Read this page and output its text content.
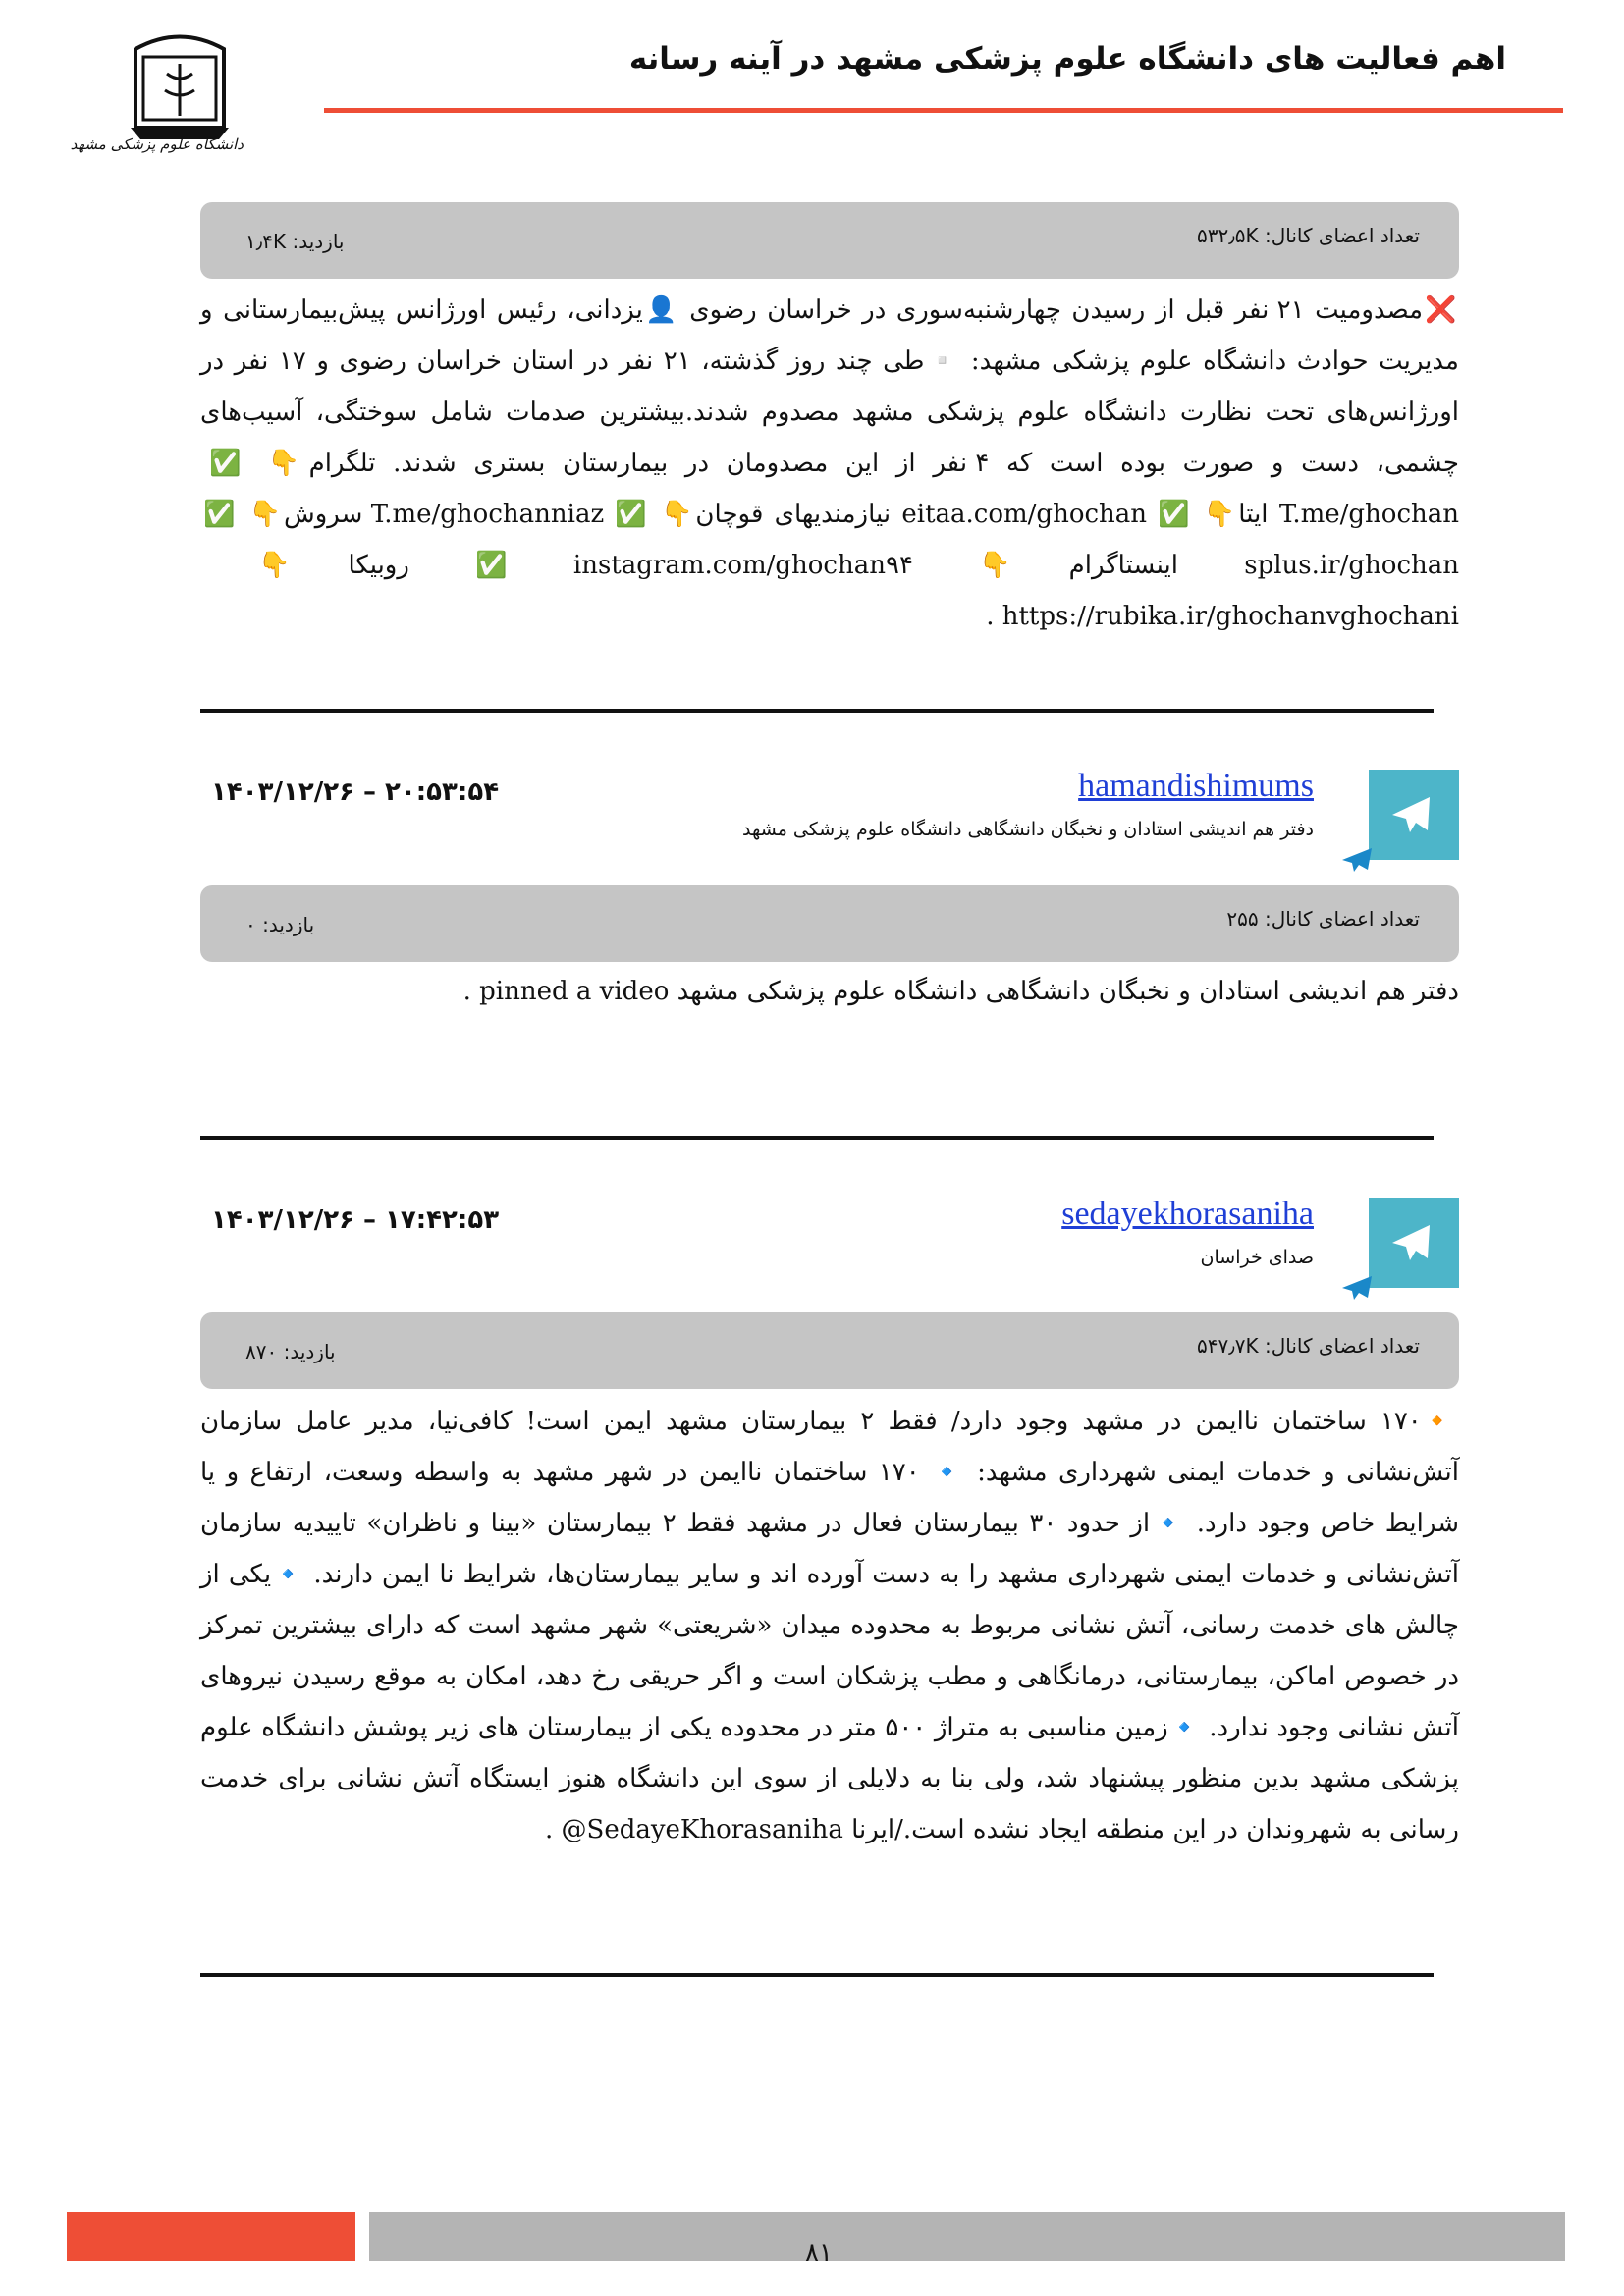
اهم فعالیت های دانشگاه علوم پزشکی مشهد در آینه رسانه
دانشگاه علوم پزشکی مشهد
تعداد اعضای کانال: ۵۳۲٫۵K
بازدید: ۱٫۴K
❌مصدومیت ۲۱ نفر قبل از رسیدن چهارشنبه‌سوری در خراسان رضوی 👤یزدانی، رئیس اورژانس پیش‌بیمارستانی و مدیریت حوادث دانشگاه علوم پزشکی مشهد: ▫️طی چند روز گذشته، ۲۱ نفر در استان خراسان رضوی و ۱۷ نفر در اورژانس‌های تحت نظارت دانشگاه علوم پزشکی مشهد مصدوم شدند.بیشترین صدمات شامل سوختگی، آسیب‌های چشمی، دست و صورت بوده است که ۴ نفر از این مصدومان در بیمارستان بستری شدند. تلگرام👇 ✅ T.me/ghochan ایتا👇 ✅ eitaa.com/ghochan نیازمندیهای قوچان👇 ✅ T.me/ghochanniaz سروش👇 ✅ splus.ir/ghochan اینستاگرام👇 instagram.com/ghochan۹۴ ✅ روبیکا👇 https://rubika.ir/ghochanvghochani .
hamandishimums
دفتر هم اندیشی استادان و نخبگان دانشگاهی دانشگاه علوم پزشکی مشهد
۱۴۰۳/۱۲/۲۶ – ۲۰:۵۳:۵۴
تعداد اعضای کانال: ۲۵۵
بازدید: ۰
دفتر هم اندیشی استادان و نخبگان دانشگاهی دانشگاه علوم پزشکی مشهد pinned a video .
sedayekhorasaniha
صدای خراسان
۱۴۰۳/۱۲/۲۶ – ۱۷:۴۲:۵۳
تعداد اعضای کانال: ۵۴۷٫۷K
بازدید: ۸۷۰
🔸۱۷۰ ساختمان ناایمن در مشهد وجود دارد/ فقط ۲ بیمارستان مشهد ایمن است! کافی‌نیا، مدیر عامل سازمان آتش‌نشانی و خدمات ایمنی شهرداری مشهد: 🔹 ۱۷۰ ساختمان ناایمن در شهر مشهد به واسطه وسعت، ارتفاع و یا شرایط خاص وجود دارد. 🔹از حدود ۳۰ بیمارستان فعال در مشهد فقط ۲ بیمارستان «بینا و ناظران» تاییدیه سازمان آتش‌نشانی و خدمات ایمنی شهرداری مشهد را به دست آورده اند و سایر بیمارستان‌ها، شرایط نا ایمن دارند. 🔹یکی از چالش های خدمت رسانی، آتش نشانی مربوط به محدوده میدان «شریعتی» شهر مشهد است که دارای بیشترین تمرکز در خصوص اماکن، بیمارستانی، درمانگاهی و مطب پزشکان است و اگر حریقی رخ دهد، امکان به موقع رسیدن نیروهای آتش نشانی وجود ندارد. 🔹زمین مناسبی به متراژ ۵۰۰ متر در محدوده یکی از بیمارستان های زیر پوشش دانشگاه علوم پزشکی مشهد بدین منظور پیشنهاد شد، ولی بنا به دلایلی از سوی این دانشگاه هنوز ایستگاه آتش نشانی برای خدمت رسانی به شهروندان در این منطقه ایجاد نشده است./ایرنا SedayeKhorasaniha@ .
۸۱
